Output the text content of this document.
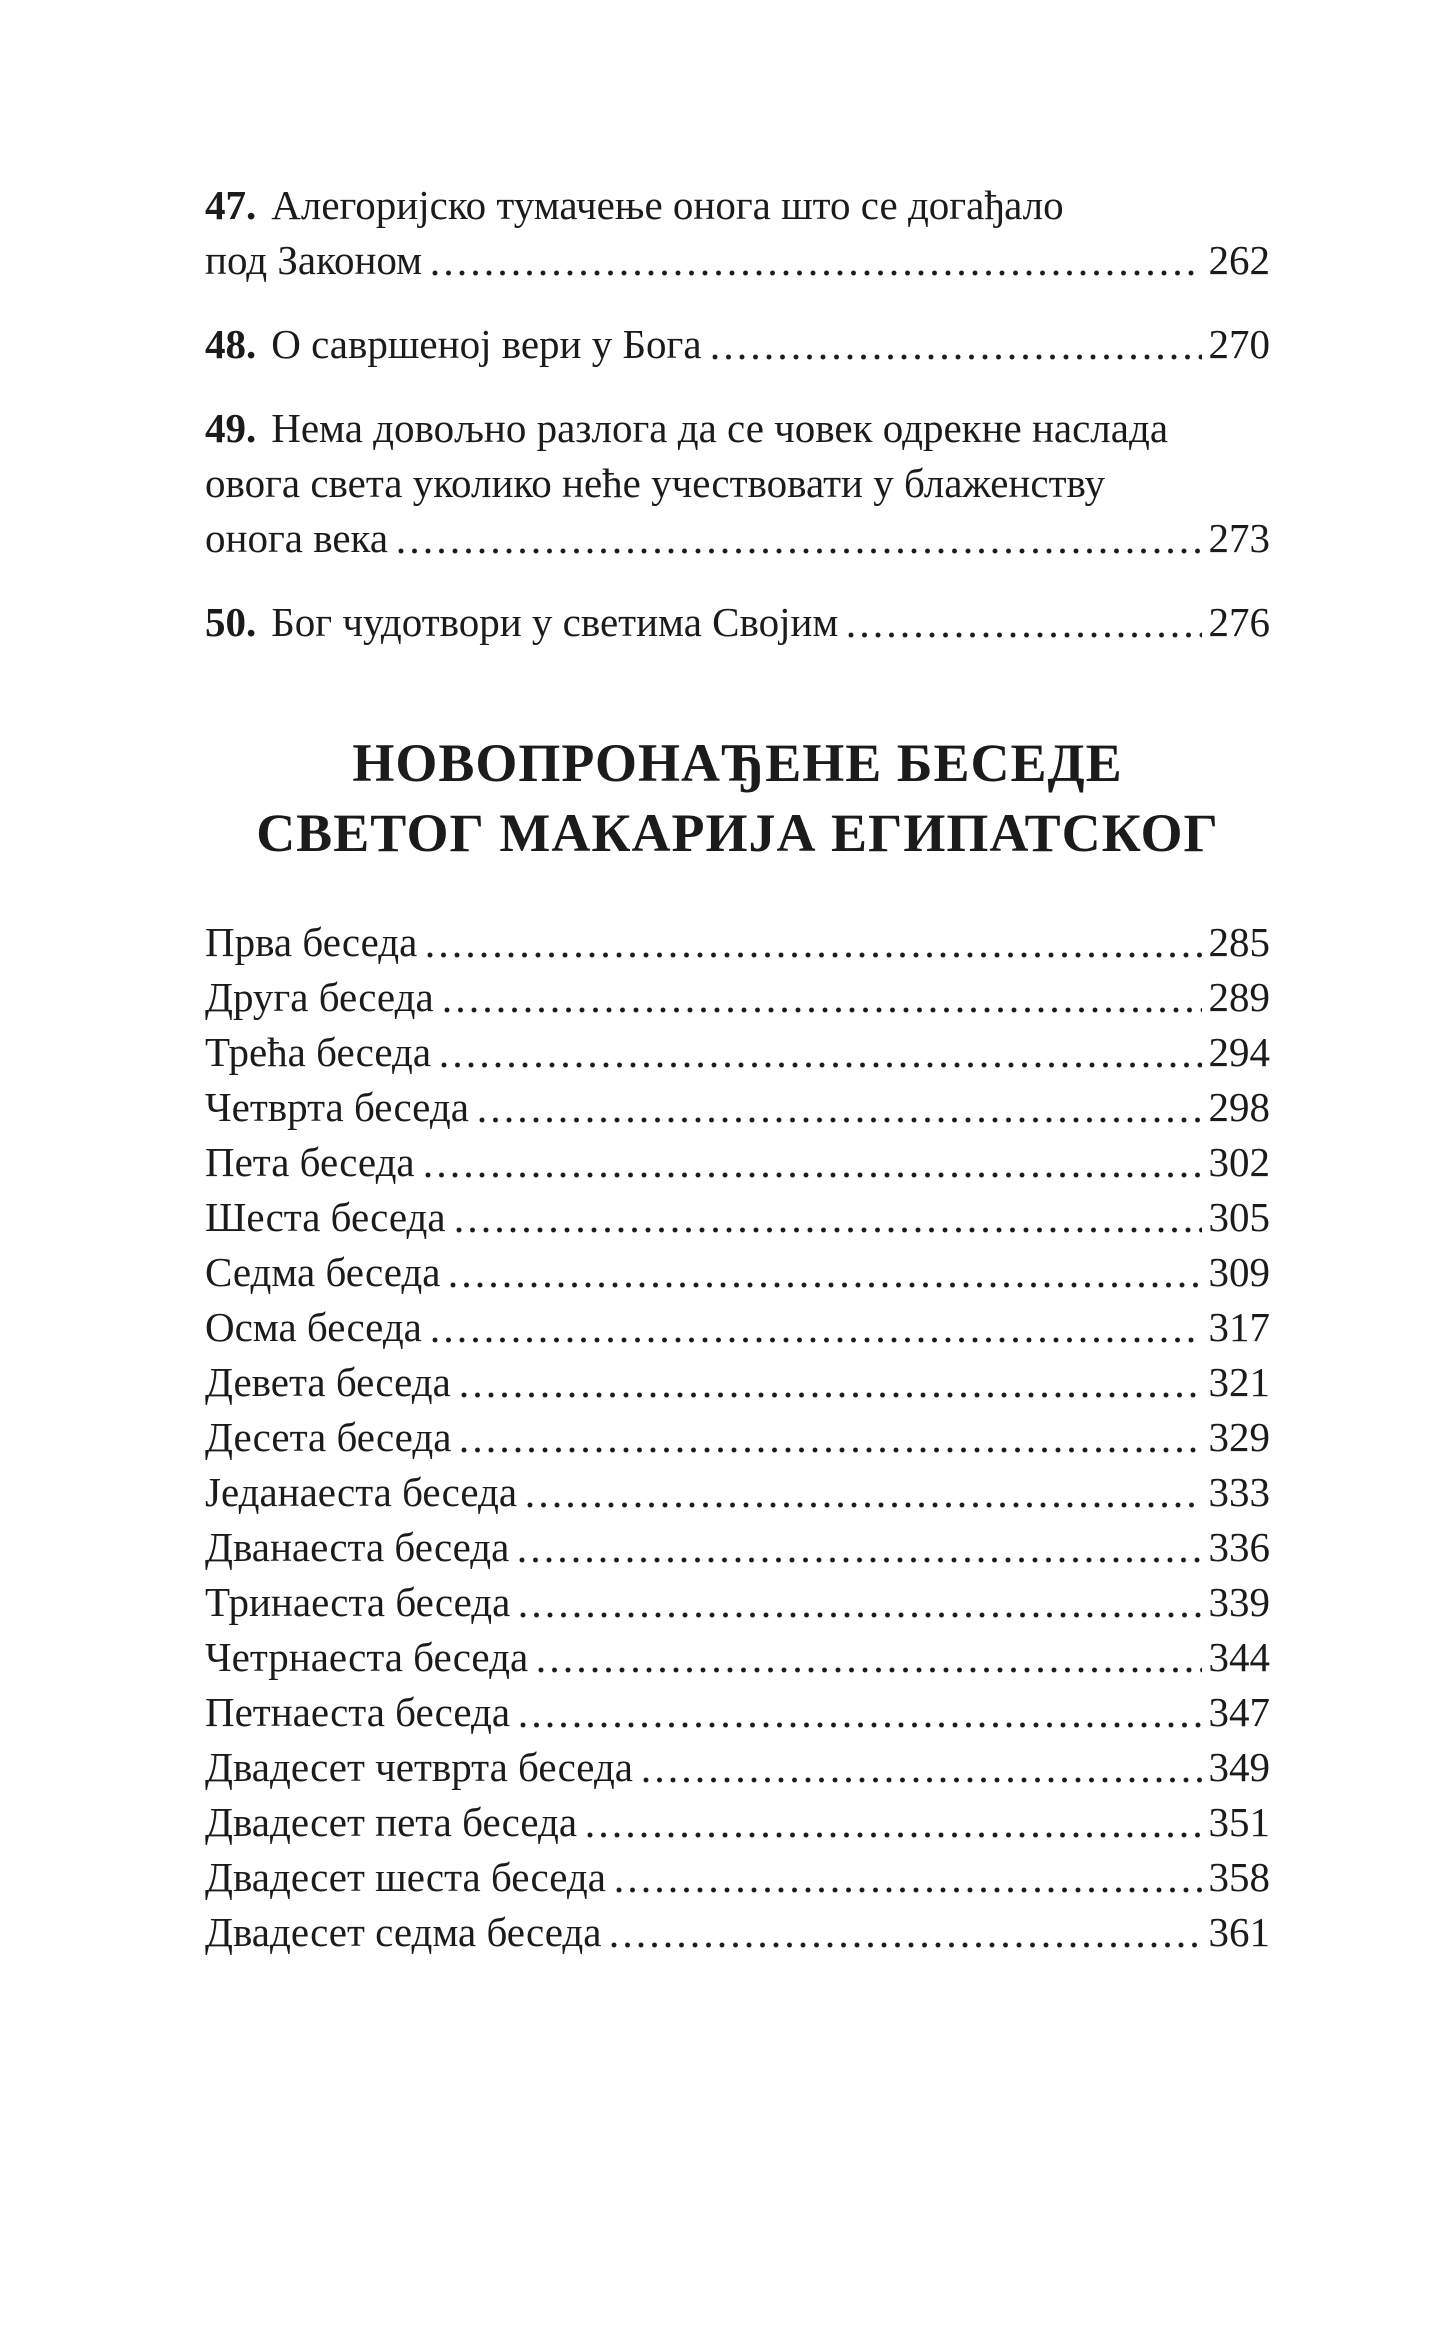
47. Алегоријско тумачење онога што се догађало
под Законом	262
48. О савршеној вери у Бога	270
49. Нема довољно разлога да се човек одрекне наслада
овога света уколико неће учествовати у блаженству
онога века	273
50. Бог чудотвори у светима Својим	276
НОВОПРОНАЂЕНЕ БЕСЕДЕ
СВЕТОГ МАКАРИЈА ЕГИПАТСКОГ
Прва беседа	285
Друга беседа	289
Трећа беседа	294
Четврта беседа	298
Пета беседа	302
Шеста беседа	305
Седма беседа	309
Осма беседа	317
Девета беседа	321
Десета беседа	329
Једанаеста беседа	333
Дванаеста беседа	336
Тринаеста беседа	339
Четрнаеста беседа	344
Петнаеста беседа	347
Двадесет четврта беседа	349
Двадесет пета беседа	351
Двадесет шеста беседа	358
Двадесет седма беседа	361
